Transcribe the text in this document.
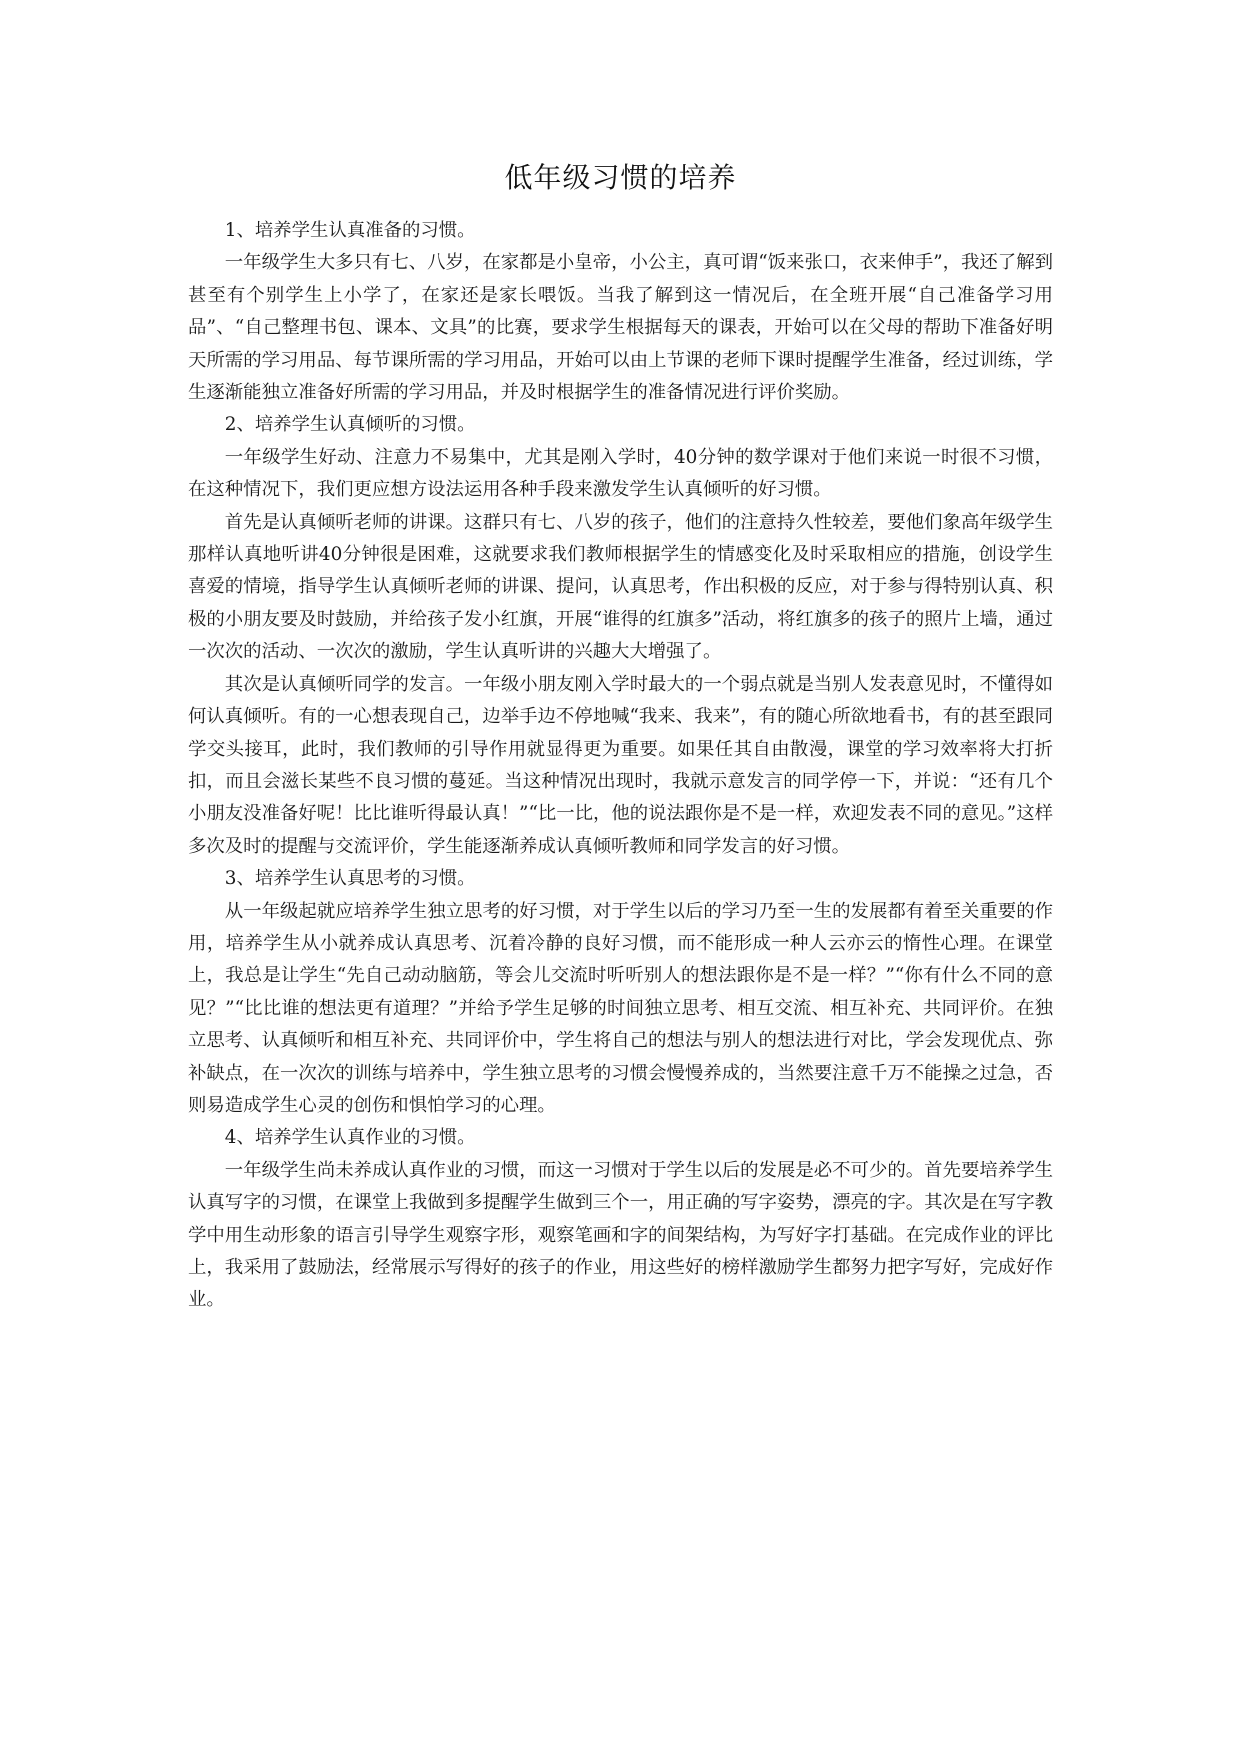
低年级习惯的培养

1、培养学生认真准备的习惯。

一年级学生大多只有七、八岁，在家都是小皇帝，小公主，真可谓“饭来张口，衣来伸手”，我还了解到甚至有个别学生上小学了，在家还是家长喂饭。当我了解到这一情况后，在全班开展“自己准备学习用品”、“自己整理书包、课本、文具”的比赛，要求学生根据每天的课表，开始可以在父母的帮助下准备好明天所需的学习用品、每节课所需的学习用品，开始可以由上节课的老师下课时提醒学生准备，经过训练，学生逐渐能独立准备好所需的学习用品，并及时根据学生的准备情况进行评价奖励。

2、培养学生认真倾听的习惯。

一年级学生好动、注意力不易集中，尤其是刚入学时，40分钟的数学课对于他们来说一时很不习惯，在这种情况下，我们更应想方设法运用各种手段来激发学生认真倾听的好习惯。

首先是认真倾听老师的讲课。这群只有七、八岁的孩子，他们的注意持久性较差，要他们象高年级学生那样认真地听讲40分钟很是困难，这就要求我们教师根据学生的情感变化及时采取相应的措施，创设学生喜爱的情境，指导学生认真倾听老师的讲课、提问，认真思考，作出积极的反应，对于参与得特别认真、积极的小朋友要及时鼓励，并给孩子发小红旗，开展“谁得的红旗多”活动，将红旗多的孩子的照片上墙，通过一次次的活动、一次次的激励，学生认真听讲的兴趣大大增强了。

其次是认真倾听同学的发言。一年级小朋友刚入学时最大的一个弱点就是当别人发表意见时，不懂得如何认真倾听。有的一心想表现自己，边举手边不停地喊“我来、我来”，有的随心所欲地看书，有的甚至跟同学交头接耳，此时，我们教师的引导作用就显得更为重要。如果任其自由散漫，课堂的学习效率将大打折扣，而且会滋长某些不良习惯的蔓延。当这种情况出现时，我就示意发言的同学停一下，并说：“还有几个小朋友没准备好呢！比比谁听得最认真！”“比一比，他的说法跟你是不是一样，欢迎发表不同的意见。”这样多次及时的提醒与交流评价，学生能逐渐养成认真倾听教师和同学发言的好习惯。

3、培养学生认真思考的习惯。

从一年级起就应培养学生独立思考的好习惯，对于学生以后的学习乃至一生的发展都有着至关重要的作用，培养学生从小就养成认真思考、沉着冷静的良好习惯，而不能形成一种人云亦云的惰性心理。在课堂上，我总是让学生“先自己动动脑筋，等会儿交流时听听别人的想法跟你是不是一样？”“你有什么不同的意见？”“比比谁的想法更有道理？”并给予学生足够的时间独立思考、相互交流、相互补充、共同评价。在独立思考、认真倾听和相互补充、共同评价中，学生将自己的想法与别人的想法进行对比，学会发现优点、弥补缺点，在一次次的训练与培养中，学生独立思考的习惯会慢慢养成的，当然要注意千万不能操之过急，否则易造成学生心灵的创伤和惧怕学习的心理。

4、培养学生认真作业的习惯。

一年级学生尚未养成认真作业的习惯，而这一习惯对于学生以后的发展是必不可少的。首先要培养学生认真写字的习惯，在课堂上我做到多提醒学生做到三个一，用正确的写字姿势，漂亮的字。其次是在写字教学中用生动形象的语言引导学生观察字形，观察笔画和字的间架结构，为写好字打基础。在完成作业的评比上，我采用了鼓励法，经常展示写得好的孩子的作业，用这些好的榜样激励学生都努力把字写好，完成好作业。
